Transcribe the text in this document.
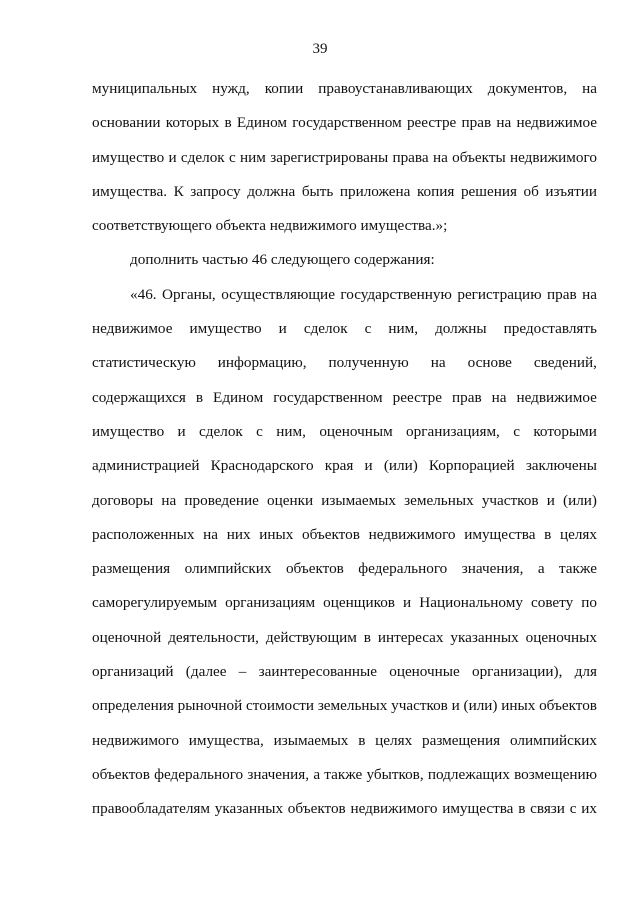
39
муниципальных нужд, копии правоустанавливающих документов, на
основании которых в Едином государственном реестре прав на недвижимое
имущество и сделок с ним зарегистрированы права на объекты недвижимого
имущества. К запросу должна быть приложена копия решения об изъятии
соответствующего объекта недвижимого имущества.»;
дополнить частью 46 следующего содержания:
«46. Органы, осуществляющие государственную регистрацию прав на
недвижимое имущество и сделок с ним, должны предоставлять
статистическую информацию, полученную на основе сведений,
содержащихся в Едином государственном реестре прав на недвижимое
имущество и сделок с ним, оценочным организациям, с которыми
администрацией Краснодарского края и (или) Корпорацией заключены
договоры на проведение оценки изымаемых земельных участков и (или)
расположенных на них иных объектов недвижимого имущества в целях
размещения олимпийских объектов федерального значения, а также
саморегулируемым организациям оценщиков и Национальному совету по
оценочной деятельности, действующим в интересах указанных оценочных
организаций (далее – заинтересованные оценочные организации), для
определения рыночной стоимости земельных участков и (или) иных объектов
недвижимого имущества, изымаемых в целях размещения олимпийских
объектов федерального значения, а также убытков, подлежащих возмещению
правообладателям указанных объектов недвижимого имущества в связи с их
